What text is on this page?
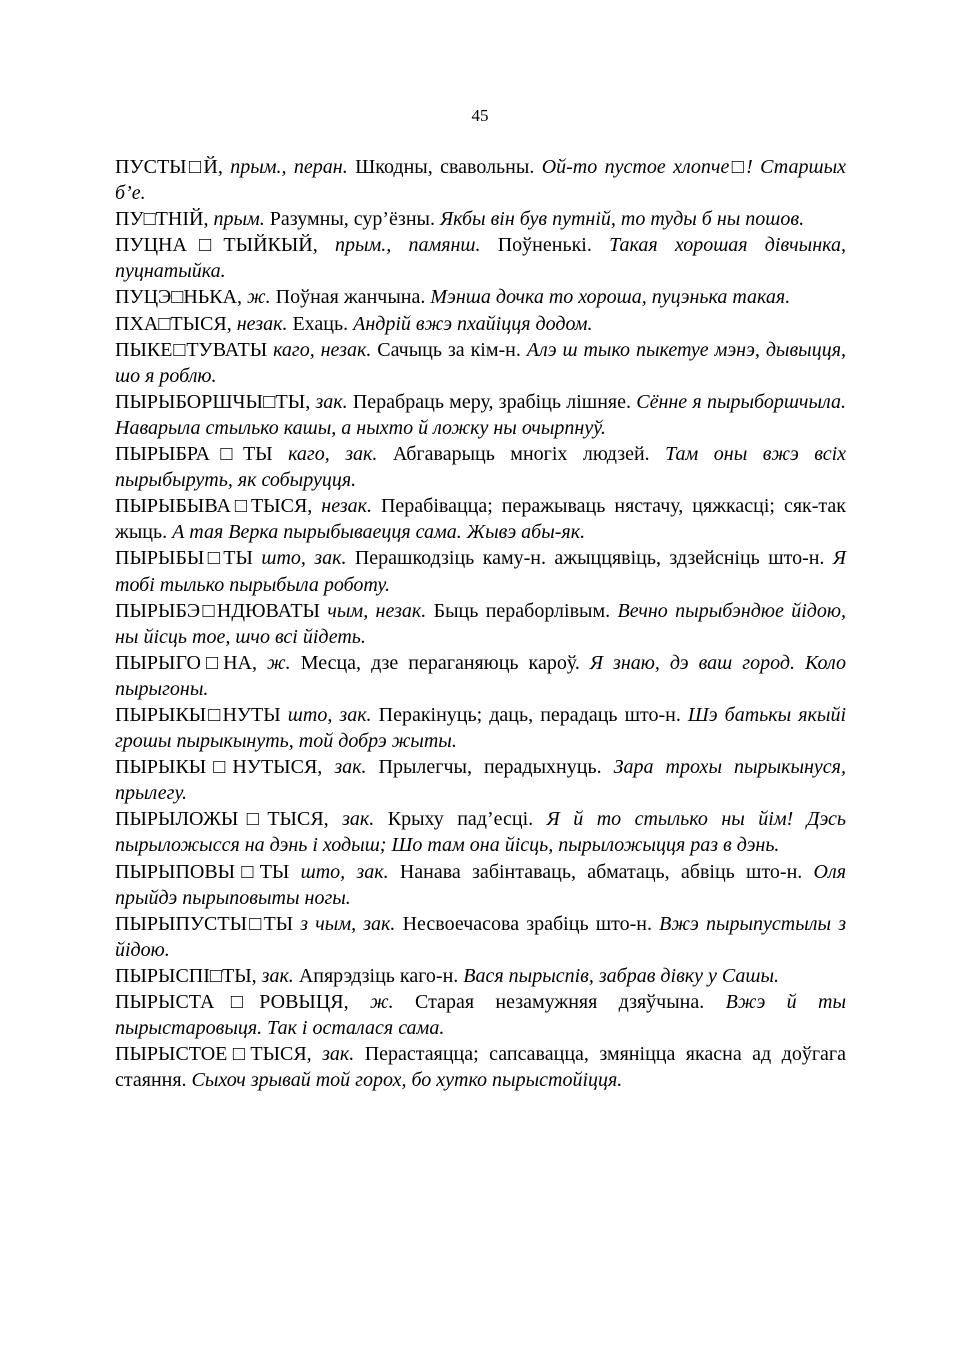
45

ПУСТЫ□Й, прым., перан. Шкодны, свавольны. Ой-то пустое хлопче□! Старшых б’е.

ПУ□ТНІЙ, прым. Разумны, сур’ёзны. Якбы він був путній, то туды б ны пошов.

ПУЦНА□ТЫЙКЫЙ, прым., памянш. Поўненькі. Такая хорошая дівчынка, пуцнатыйка.

ПУЦЭ□НЬКА, ж. Поўная жанчына. Мэнша дочка то хороша, пуцэнька такая.

ПХА□ТЫСЯ, незак. Ехаць. Андрій вжэ пхайіцця додом.

ПЫКЕ□ТУВАТЫ каго, незак. Сачыць за кім-н. Алэ ш тыко пыкетуе мэнэ, дывыцця, шо я роблю.

ПЫРЫБОРШЧЫ□ТЫ, зак. Перабраць меру, зрабіць лішняе. Сённе я пырыборшчыла. Наварыла стылько кашы, а ныхто й ложку ны очырпнуў.

ПЫРЫБРА□ТЫ каго, зак. Абгаварыць многіх людзей. Там оны вжэ всіх пырыбыруть, як собыруцця.

ПЫРЫБЫВА□ТЫСЯ, незак. Перабівацца; перажываць нястачу, цяжкасці; сяк-так жыць. А тая Верка пырыбываецця сама. Жывэ абы-як.

ПЫРЫБЫ□ТЫ што, зак. Перашкодзіць каму-н. ажыццявіць, здзейсніць што-н. Я тобі тылько пырыбыла роботу.

ПЫРЫБЭ□НДЮВАТЫ чым, незак. Быць пераборлівым. Вечно пырыбэндюе йідою, ны йісць тое, шчо всі йідеть.

ПЫРЫГО□НА, ж. Месца, дзе пераганяюць кароў. Я знаю, дэ ваш город. Коло пырыгоны.

ПЫРЫКЫ□НУТЫ што, зак. Перакінуць; даць, перадаць што-н. Шэ батькы якыйі грошы пырыкынуть, той добрэ жыты.

ПЫРЫКЫ□НУТЫСЯ, зак. Прылегчы, перадыхнуць. Зара трохы пырыкынуся, прылегу.

ПЫРЫЛОЖЫ□ТЫСЯ, зак. Крыху пад’есці. Я й то стылько ны йім! Дэсь пырыложысся на дэнь і ходыш; Шо там она йісць, пырыложыцця раз в дэнь.

ПЫРЫПОВЫ□ТЫ што, зак. Нанава забінтаваць, абматаць, абвіць што-н. Оля прыйдэ пырыповыты ногы.

ПЫРЫПУСТЫ□ТЫ з чым, зак. Несвоечасова зрабіць што-н. Вжэ пырыпустылы з йідою.

ПЫРЫСПІ□ТЫ, зак. Апярэдзіць каго-н. Вася пырыспів, забрав дівку у Сашы.

ПЫРЫСТА□РОВЫЦЯ, ж. Старая незамужняя дзяўчына. Вжэ й ты пырыстаровыця. Так і осталася сама.

ПЫРЫСТОЕ□ТЫСЯ, зак. Перастаяцца; сапсавацца, змяніцца якасна ад доўгага стаяння. Сыхоч зрывай той горох, бо хутко пырыстойіцця.
